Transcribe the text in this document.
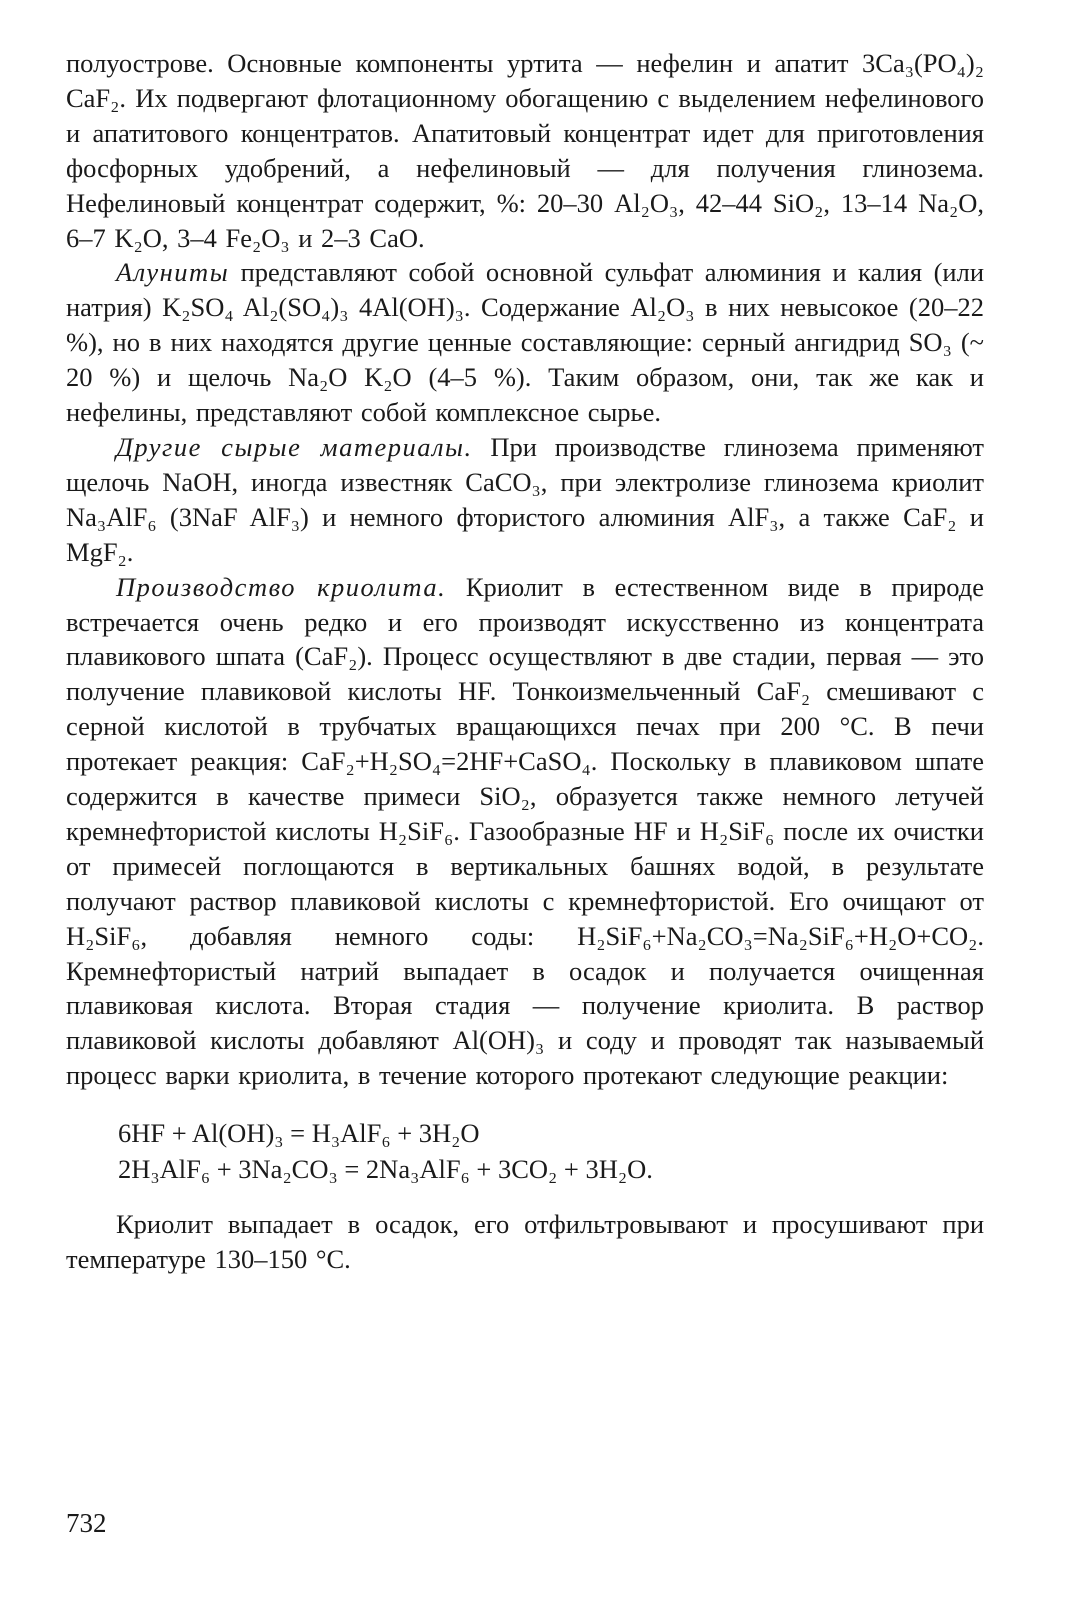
полуострове. Основные компоненты уртита — нефелин и апатит 3Ca₃(PO₄)₂ CaF₂. Их подвергают флотационному обогащению с выделением нефелинового и апатитового концентратов. Апатитовый концентрат идет для приготовления фосфорных удобрений, а нефелиновый — для получения глинозема. Нефелиновый концентрат содержит, %: 20–30 Al₂O₃, 42–44 SiO₂, 13–14 Na₂O, 6–7 K₂O, 3–4 Fe₂O₃ и 2–3 CaO.

Алуниты представляют собой основной сульфат алюминия и калия (или натрия) K₂SO₄ Al₂(SO₄)₃ 4Al(OH)₃. Содержание Al₂O₃ в них невысокое (20–22 %), но в них находятся другие ценные составляющие: серный ангидрид SO₃ (~ 20 %) и щелочь Na₂O K₂O (4–5 %). Таким образом, они, так же как и нефелины, представляют собой комплексное сырье.

Другие сырые материалы. При производстве глинозема применяют щелочь NaOH, иногда известняк CaCO₃, при электролизе глинозема криолит Na₃AlF₆ (3NaF AlF₃) и немного фтористого алюминия AlF₃, а также CaF₂ и MgF₂.

Производство криолита. Криолит в естественном виде в природе встречается очень редко и его производят искусственно из концентрата плавикового шпата (CaF₂). Процесс осуществляют в две стадии, первая — это получение плавиковой кислоты HF. Тонкоизмельченный CaF₂ смешивают с серной кислотой в трубчатых вращающихся печах при 200 °C. В печи протекает реакция: CaF₂+H₂SO₄=2HF+CaSO₄. Поскольку в плавиковом шпате содержится в качестве примеси SiO₂, образуется также немного летучей кремнефтористой кислоты H₂SiF₆. Газообразные HF и H₂SiF₆ после их очистки от примесей поглощаются в вертикальных башнях водой, в результате получают раствор плавиковой кислоты с кремнефтористой. Его очищают от H₂SiF₆, добавляя немного соды: H₂SiF₆+Na₂CO₃=Na₂SiF₆+H₂O+CO₂. Кремнефтористый натрий выпадает в осадок и получается очищенная плавиковая кислота. Вторая стадия — получение криолита. В раствор плавиковой кислоты добавляют Al(OH)₃ и соду и проводят так называемый процесс варки криолита, в течение которого протекают следующие реакции:

6HF + Al(OH)₃ = H₃AlF₆ + 3H₂O
2H₃AlF₆ + 3Na₂CO₃ = 2Na₃AlF₆ + 3CO₂ + 3H₂O.

Криолит выпадает в осадок, его отфильтровывают и просушивают при температуре 130–150 °C.

732
